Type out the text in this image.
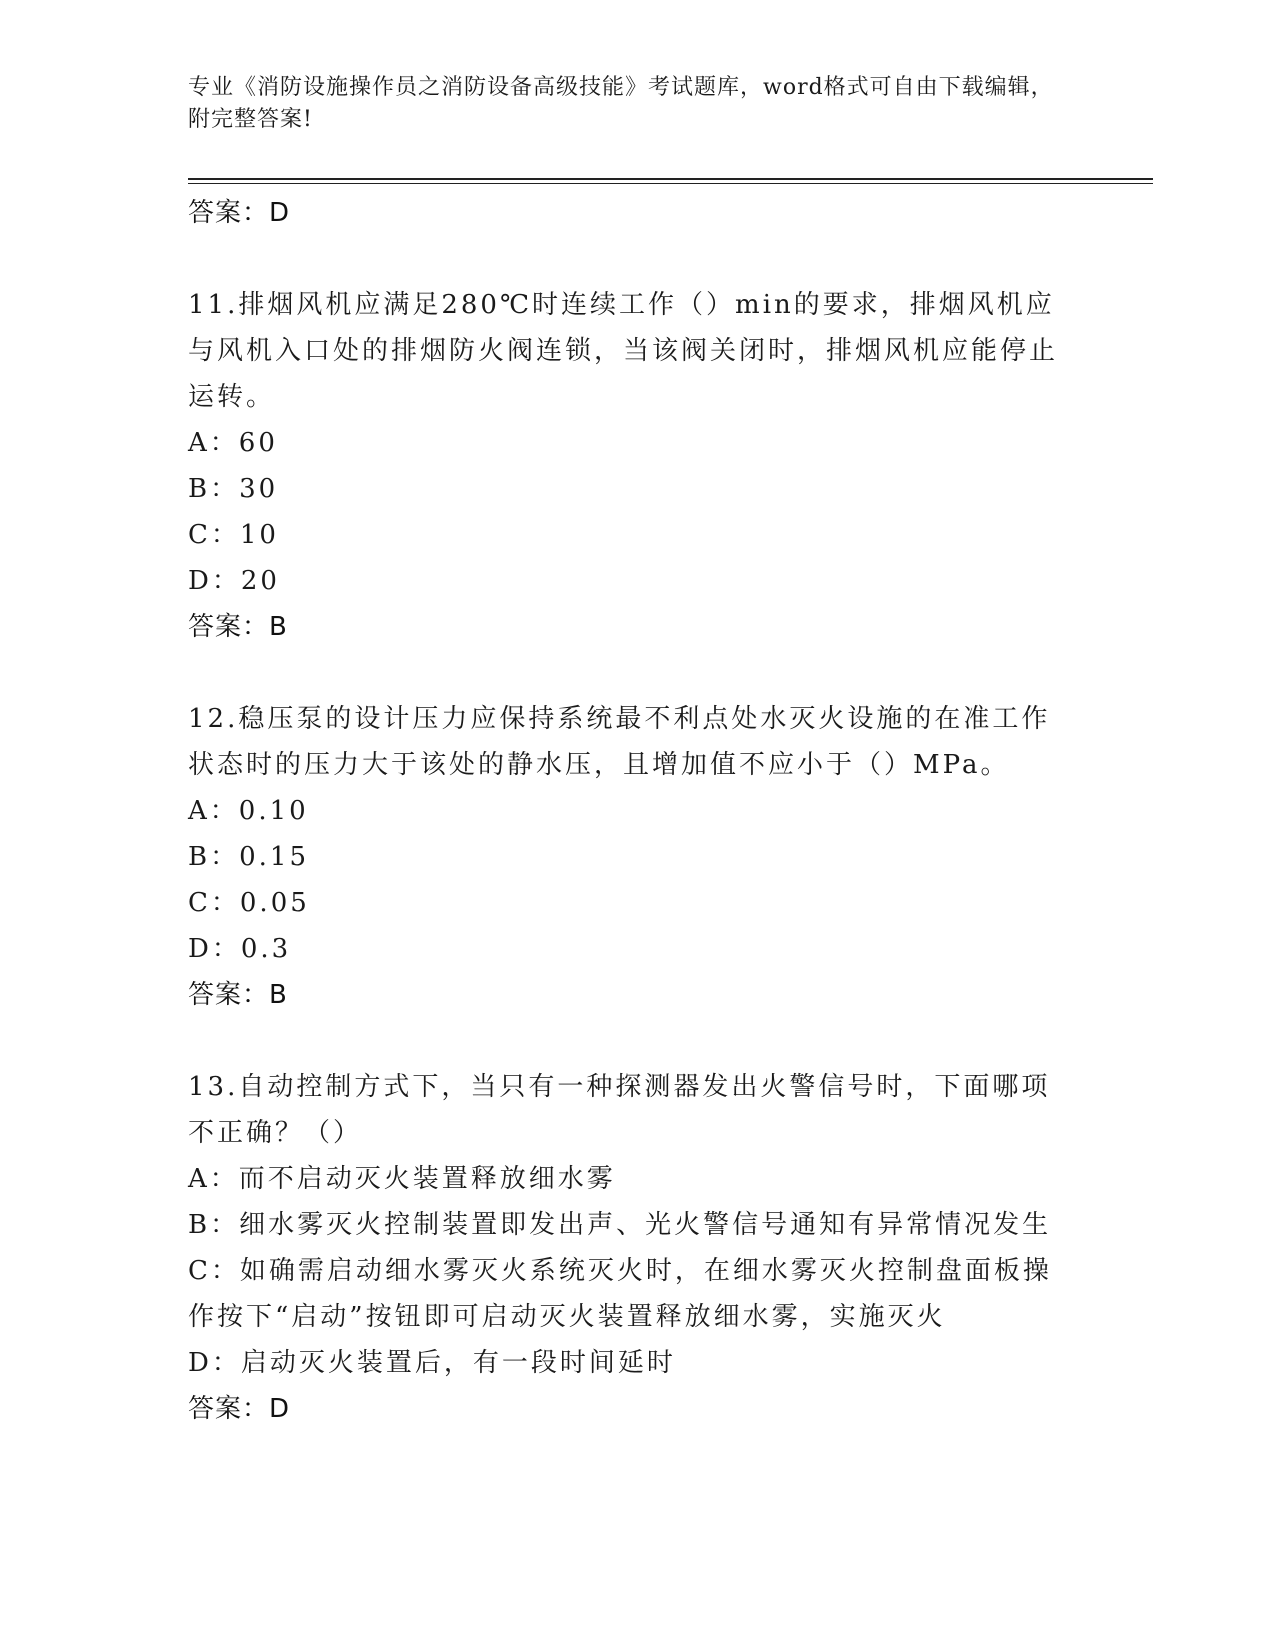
专业《消防设施操作员之消防设备高级技能》考试题库，word格式可自由下载编辑，附完整答案!
答案：D
11.排烟风机应满足280℃时连续工作（）min的要求，排烟风机应与风机入口处的排烟防火阀连锁，当该阀关闭时，排烟风机应能停止运转。
A：60
B：30
C：10
D：20
答案：B
12.稳压泵的设计压力应保持系统最不利点处水灭火设施的在准工作状态时的压力大于该处的静水压，且增加值不应小于（）MPa。
A：0.10
B：0.15
C：0.05
D：0.3
答案：B
13.自动控制方式下，当只有一种探测器发出火警信号时，下面哪项不正确？（）
A：而不启动灭火装置释放细水雾
B：细水雾灭火控制装置即发出声、光火警信号通知有异常情况发生
C：如确需启动细水雾灭火系统灭火时，在细水雾灭火控制盘面板操作按下“启动”按钮即可启动灭火装置释放细水雾，实施灭火
D：启动灭火装置后，有一段时间延时
答案：D
